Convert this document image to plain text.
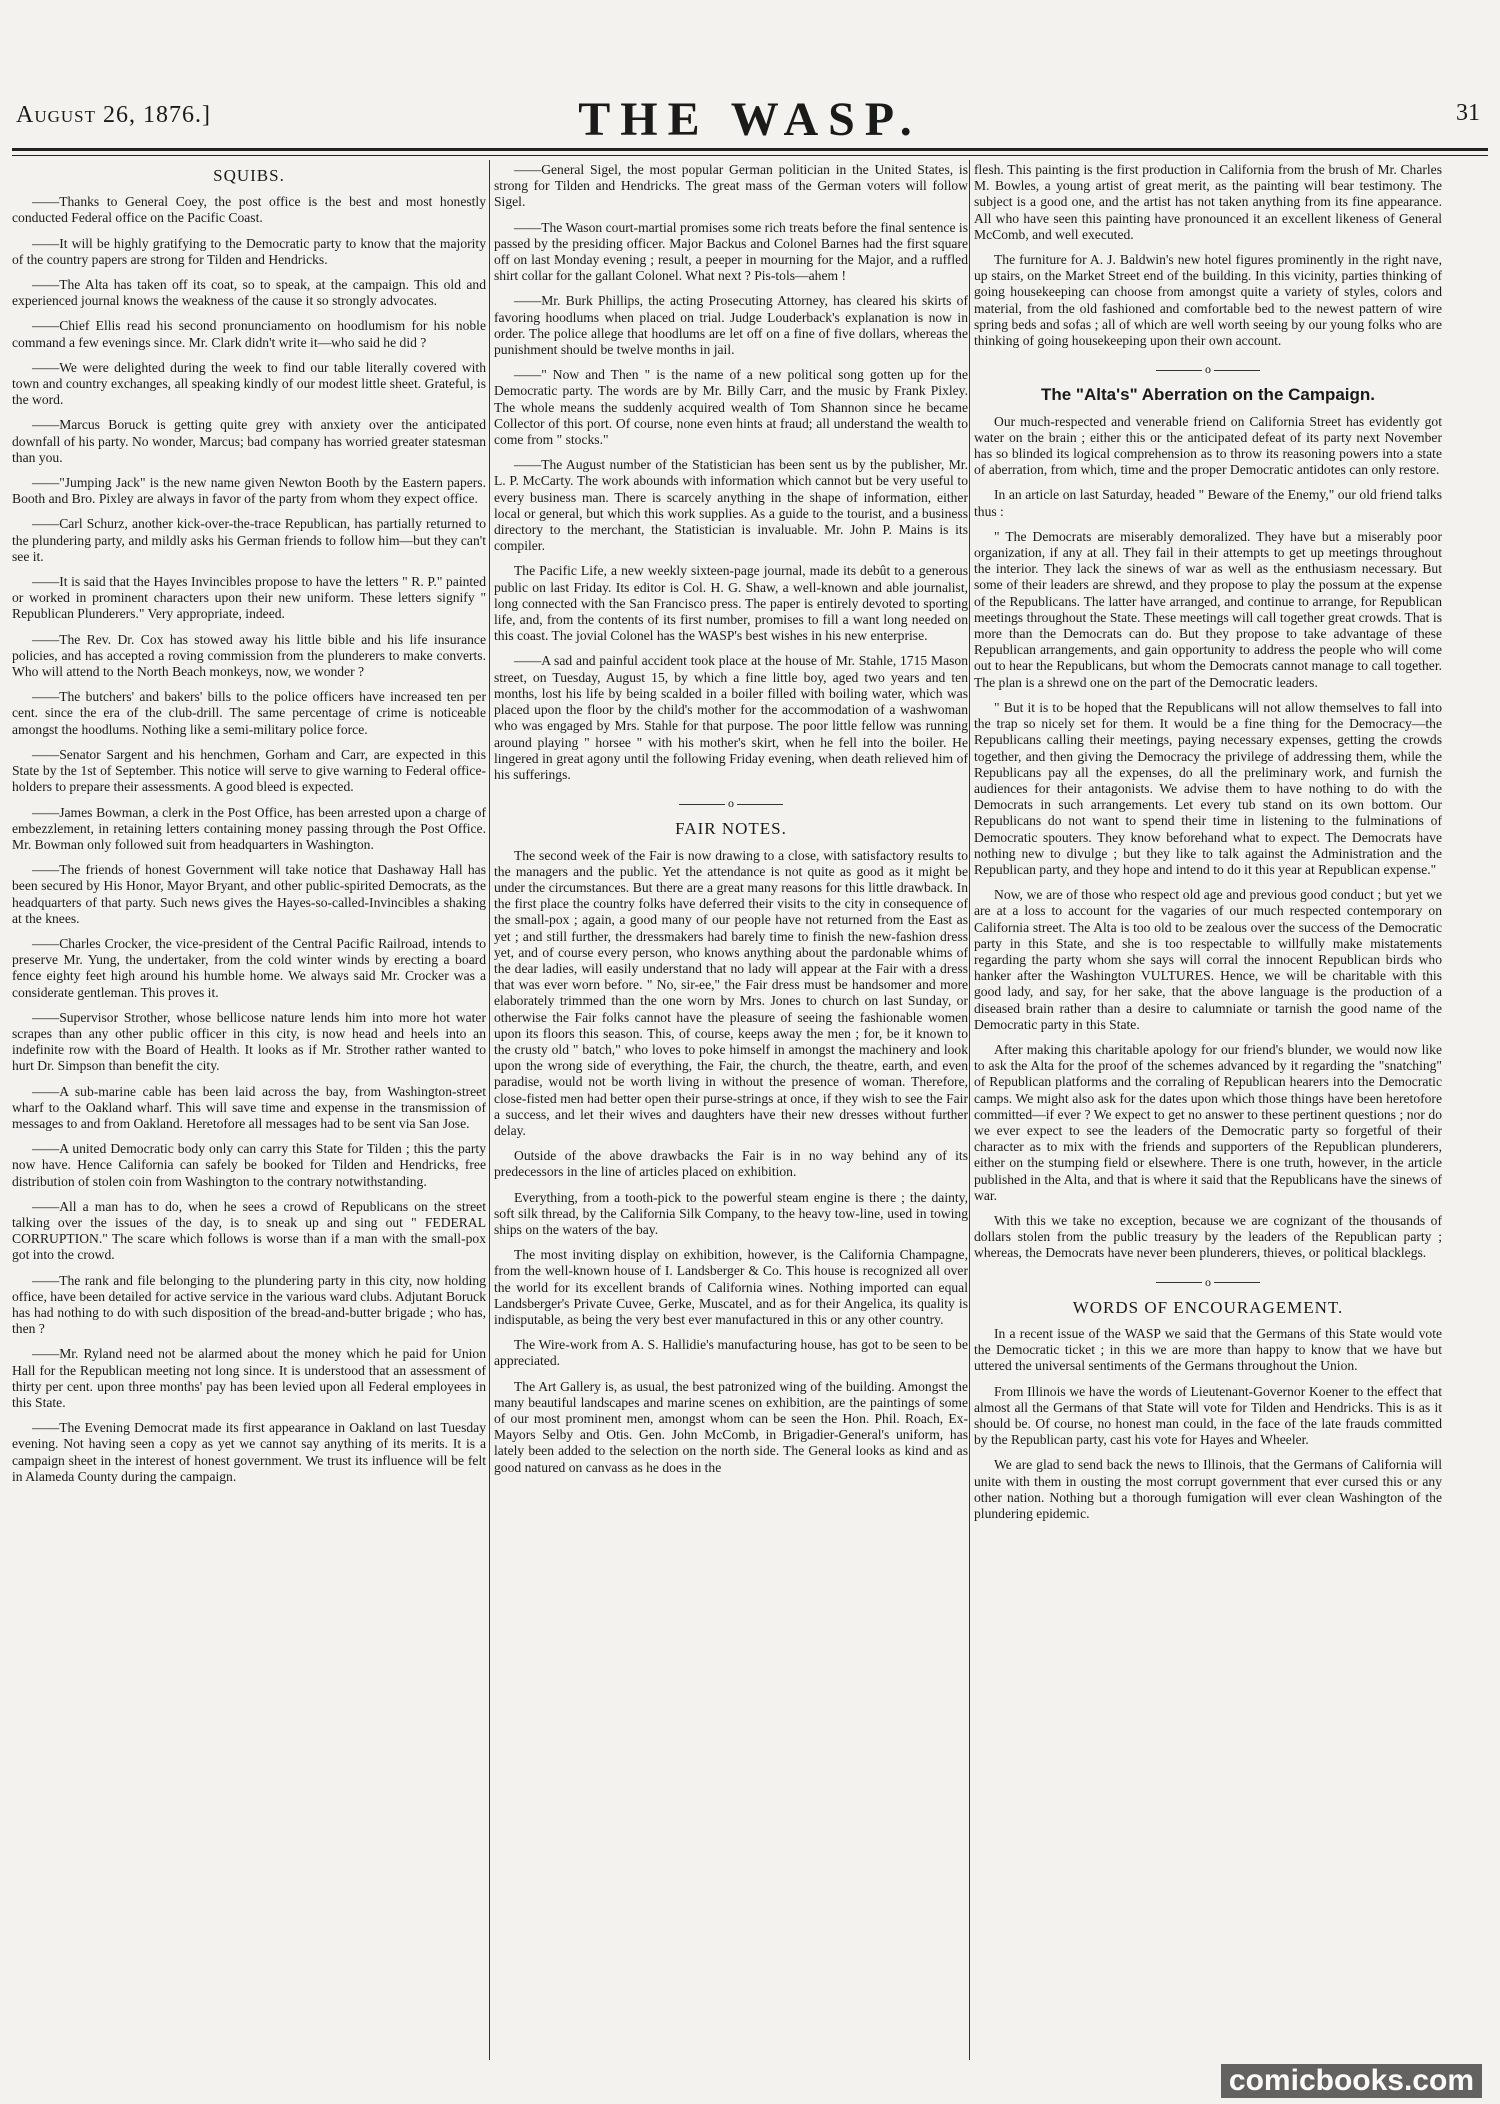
August 26, 1876.]	THE WASP.	31
SQUIBS.

——Thanks to General Coey, the post office is the best and most honestly conducted Federal office on the Pacific Coast.

——It will be highly gratifying to the Democratic party to know that the majority of the country papers are strong for Tilden and Hendricks.

——The Alta has taken off its coat, so to speak, at the campaign. This old and experienced journal knows the weakness of the cause it so strongly advocates.

——Chief Ellis read his second pronunciamento on hoodlumism for his noble command a few evenings since. Mr. Clark didn't write it—who said he did ?

——We were delighted during the week to find our table literally covered with town and country exchanges, all speaking kindly of our modest little sheet. Grateful, is the word.

——Marcus Boruck is getting quite grey with anxiety over the anticipated downfall of his party. No wonder, Marcus; bad company has worried greater statesman than you.

——"Jumping Jack" is the new name given Newton Booth by the Eastern papers. Booth and Bro. Pixley are always in favor of the party from whom they expect office.

——Carl Schurz, another kick-over-the-trace Republican, has partially returned to the plundering party, and mildly asks his German friends to follow him—but they can't see it.

——It is said that the Hayes Invincibles propose to have the letters " R. P." painted or worked in prominent characters upon their new uniform. These letters signify " Republican Plunderers." Very appropriate, indeed.

——The Rev. Dr. Cox has stowed away his little bible and his life insurance policies, and has accepted a roving commission from the plunderers to make converts. Who will attend to the North Beach monkeys, now, we wonder ?

——The butchers' and bakers' bills to the police officers have increased ten per cent. since the era of the club-drill. The same percentage of crime is noticeable amongst the hoodlums. Nothing like a semi-military police force.

——Senator Sargent and his henchmen, Gorham and Carr, are expected in this State by the 1st of September. This notice will serve to give warning to Federal office-holders to prepare their assessments. A good bleed is expected.

——James Bowman, a clerk in the Post Office, has been arrested upon a charge of embezzlement, in retaining letters containing money passing through the Post Office. Mr. Bowman only followed suit from headquarters in Washington.

——The friends of honest Government will take notice that Dashaway Hall has been secured by His Honor, Mayor Bryant, and other public-spirited Democrats, as the headquarters of that party. Such news gives the Hayes-so-called-Invincibles a shaking at the knees.

——Charles Crocker, the vice-president of the Central Pacific Railroad, intends to preserve Mr. Yung, the undertaker, from the cold winter winds by erecting a board fence eighty feet high around his humble home. We always said Mr. Crocker was a considerate gentleman. This proves it.

——Supervisor Strother, whose bellicose nature lends him into more hot water scrapes than any other public officer in this city, is now head and heels into an indefinite row with the Board of Health. It looks as if Mr. Strother rather wanted to hurt Dr. Simpson than benefit the city.

——A sub-marine cable has been laid across the bay, from Washington-street wharf to the Oakland wharf. This will save time and expense in the transmission of messages to and from Oakland. Heretofore all messages had to be sent via San Jose.

——A united Democratic body only can carry this State for Tilden ; this the party now have. Hence California can safely be booked for Tilden and Hendricks, free distribution of stolen coin from Washington to the contrary notwithstanding.

——All a man has to do, when he sees a crowd of Republicans on the street talking over the issues of the day, is to sneak up and sing out " FEDERAL CORRUPTION." The scare which follows is worse than if a man with the small-pox got into the crowd.

——The rank and file belonging to the plundering party in this city, now holding office, have been detailed for active service in the various ward clubs. Adjutant Boruck has had nothing to do with such disposition of the bread-and-butter brigade ; who has, then ?

——Mr. Ryland need not be alarmed about the money which he paid for Union Hall for the Republican meeting not long since. It is understood that an assessment of thirty per cent. upon three months' pay has been levied upon all Federal employees in this State.

——The Evening Democrat made its first appearance in Oakland on last Tuesday evening. Not having seen a copy as yet we cannot say anything of its merits. It is a campaign sheet in the interest of honest government. We trust its influence will be felt in Alameda County during the campaign.

——General Sigel, the most popular German politician in the United States, is strong for Tilden and Hendricks. The great mass of the German voters will follow Sigel.

——The Wason court-martial promises some rich treats before the final sentence is passed by the presiding officer. Major Backus and Colonel Barnes had the first square off on last Monday evening ; result, a peeper in mourning for the Major, and a ruffled shirt collar for the gallant Colonel. What next ? Pis-tols—ahem !

——Mr. Burk Phillips, the acting Prosecuting Attorney, has cleared his skirts of favoring hoodlums when placed on trial. Judge Louderback's explanation is now in order. The police allege that hoodlums are let off on a fine of five dollars, whereas the punishment should be twelve months in jail.

——" Now and Then " is the name of a new political song gotten up for the Democratic party. The words are by Mr. Billy Carr, and the music by Frank Pixley. The whole means the suddenly acquired wealth of Tom Shannon since he became Collector of this port. Of course, none even hints at fraud; all understand the wealth to come from " stocks."

——The August number of the Statistician has been sent us by the publisher, Mr. L. P. McCarty. The work abounds with information which cannot but be very useful to every business man. There is scarcely anything in the shape of information, either local or general, but which this work supplies. As a guide to the tourist, and a business directory to the merchant, the Statistician is invaluable. Mr. John P. Mains is its compiler.

The Pacific Life, a new weekly sixteen-page journal, made its debût to a generous public on last Friday. Its editor is Col. H. G. Shaw, a well-known and able journalist, long connected with the San Francisco press. The paper is entirely devoted to sporting life, and, from the contents of its first number, promises to fill a want long needed on this coast. The jovial Colonel has the WASP's best wishes in his new enterprise.

——A sad and painful accident took place at the house of Mr. Stahle, 1715 Mason street, on Tuesday, August 15, by which a fine little boy, aged two years and ten months, lost his life by being scalded in a boiler filled with boiling water, which was placed upon the floor by the child's mother for the accommodation of a washwoman who was engaged by Mrs. Stahle for that purpose. The poor little fellow was running around playing " horsee " with his mother's skirt, when he fell into the boiler. He lingered in great agony until the following Friday evening, when death relieved him of his sufferings.

o
FAIR NOTES.

The second week of the Fair is now drawing to a close, with satisfactory results to the managers and the public. Yet the attendance is not quite as good as it might be under the circumstances. But there are a great many reasons for this little drawback. In the first place the country folks have deferred their visits to the city in consequence of the small-pox ; again, a good many of our people have not returned from the East as yet ; and still further, the dressmakers had barely time to finish the new-fashion dress yet, and of course every person, who knows anything about the pardonable whims of the dear ladies, will easily understand that no lady will appear at the Fair with a dress that was ever worn before. " No, sir-ee," the Fair dress must be handsomer and more elaborately trimmed than the one worn by Mrs. Jones to church on last Sunday, or otherwise the Fair folks cannot have the pleasure of seeing the fashionable women upon its floors this season. This, of course, keeps away the men ; for, be it known to the crusty old " batch," who loves to poke himself in amongst the machinery and look upon the wrong side of everything, the Fair, the church, the theatre, earth, and even paradise, would not be worth living in without the presence of woman. Therefore, close-fisted men had better open their purse-strings at once, if they wish to see the Fair a success, and let their wives and daughters have their new dresses without further delay.

Outside of the above drawbacks the Fair is in no way behind any of its predecessors in the line of articles placed on exhibition.

Everything, from a tooth-pick to the powerful steam engine is there ; the dainty, soft silk thread, by the California Silk Company, to the heavy tow-line, used in towing ships on the waters of the bay.

The most inviting display on exhibition, however, is the California Champagne, from the well-known house of I. Landsberger & Co. This house is recognized all over the world for its excellent brands of California wines. Nothing imported can equal Landsberger's Private Cuvee, Gerke, Muscatel, and as for their Angelica, its quality is indisputable, as being the very best ever manufactured in this or any other country.

The Wire-work from A. S. Hallidie's manufacturing house, has got to be seen to be appreciated.

The Art Gallery is, as usual, the best patronized wing of the building. Amongst the many beautiful landscapes and marine scenes on exhibition, are the paintings of some of our most prominent men, amongst whom can be seen the Hon. Phil. Roach, Ex-Mayors Selby and Otis. Gen. John McComb, in Brigadier-General's uniform, has lately been added to the selection on the north side. The General looks as kind and as good natured on canvass as he does in the

flesh. This painting is the first production in California from the brush of Mr. Charles M. Bowles, a young artist of great merit, as the painting will bear testimony. The subject is a good one, and the artist has not taken anything from its fine appearance. All who have seen this painting have pronounced it an excellent likeness of General McComb, and well executed.

The furniture for A. J. Baldwin's new hotel figures prominently in the right nave, up stairs, on the Market Street end of the building. In this vicinity, parties thinking of going housekeeping can choose from amongst quite a variety of styles, colors and material, from the old fashioned and comfortable bed to the newest pattern of wire spring beds and sofas ; all of which are well worth seeing by our young folks who are thinking of going housekeeping upon their own account.

o
The "Alta's" Aberration on the Campaign.

Our much-respected and venerable friend on California Street has evidently got water on the brain ; either this or the anticipated defeat of its party next November has so blinded its logical comprehension as to throw its reasoning powers into a state of aberration, from which, time and the proper Democratic antidotes can only restore.

In an article on last Saturday, headed " Beware of the Enemy," our old friend talks thus :

" The Democrats are miserably demoralized. They have but a miserably poor organization, if any at all. They fail in their attempts to get up meetings throughout the interior. They lack the sinews of war as well as the enthusiasm necessary. But some of their leaders are shrewd, and they propose to play the possum at the expense of the Republicans. The latter have arranged, and continue to arrange, for Republican meetings throughout the State. These meetings will call together great crowds. That is more than the Democrats can do. But they propose to take advantage of these Republican arrangements, and gain opportunity to address the people who will come out to hear the Republicans, but whom the Democrats cannot manage to call together. The plan is a shrewd one on the part of the Democratic leaders.

" But it is to be hoped that the Republicans will not allow themselves to fall into the trap so nicely set for them. It would be a fine thing for the Democracy—the Republicans calling their meetings, paying necessary expenses, getting the crowds together, and then giving the Democracy the privilege of addressing them, while the Republicans pay all the expenses, do all the preliminary work, and furnish the audiences for their antagonists. We advise them to have nothing to do with the Democrats in such arrangements. Let every tub stand on its own bottom. Our Republicans do not want to spend their time in listening to the fulminations of Democratic spouters. They know beforehand what to expect. The Democrats have nothing new to divulge ; but they like to talk against the Administration and the Republican party, and they hope and intend to do it this year at Republican expense."

Now, we are of those who respect old age and previous good conduct ; but yet we are at a loss to account for the vagaries of our much respected contemporary on California street. The Alta is too old to be zealous over the success of the Democratic party in this State, and she is too respectable to willfully make mistatements regarding the party whom she says will corral the innocent Republican birds who hanker after the Washington VULTURES. Hence, we will be charitable with this good lady, and say, for her sake, that the above language is the production of a diseased brain rather than a desire to calumniate or tarnish the good name of the Democratic party in this State.

After making this charitable apology for our friend's blunder, we would now like to ask the Alta for the proof of the schemes advanced by it regarding the "snatching" of Republican platforms and the corraling of Republican hearers into the Democratic camps. We might also ask for the dates upon which those things have been heretofore committed—if ever ? We expect to get no answer to these pertinent questions ; nor do we ever expect to see the leaders of the Democratic party so forgetful of their character as to mix with the friends and supporters of the Republican plunderers, either on the stumping field or elsewhere. There is one truth, however, in the article published in the Alta, and that is where it said that the Republicans have the sinews of war.

With this we take no exception, because we are cognizant of the thousands of dollars stolen from the public treasury by the leaders of the Republican party ; whereas, the Democrats have never been plunderers, thieves, or political blacklegs.

o
WORDS OF ENCOURAGEMENT.

In a recent issue of the WASP we said that the Germans of this State would vote the Democratic ticket ; in this we are more than happy to know that we have but uttered the universal sentiments of the Germans throughout the Union.

From Illinois we have the words of Lieutenant-Governor Koener to the effect that almost all the Germans of that State will vote for Tilden and Hendricks. This is as it should be. Of course, no honest man could, in the face of the late frauds committed by the Republican party, cast his vote for Hayes and Wheeler.

We are glad to send back the news to Illinois, that the Germans of California will unite with them in ousting the most corrupt government that ever cursed this or any other nation. Nothing but a thorough fumigation will ever clean Washington of the plundering epidemic.

comicbooks.com
